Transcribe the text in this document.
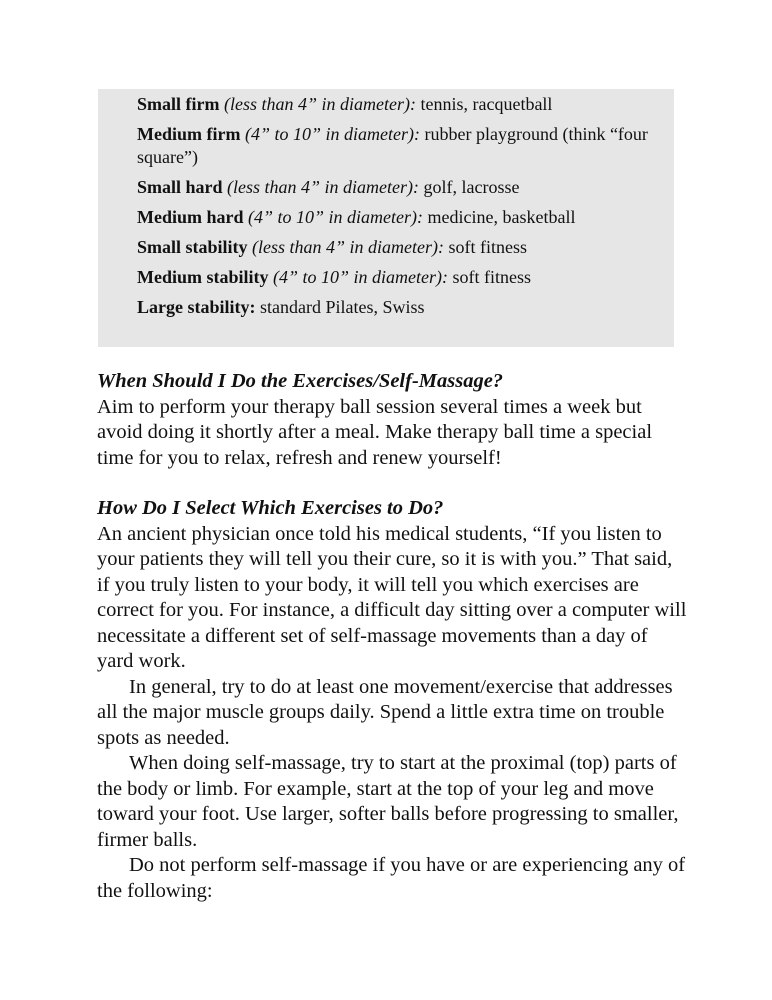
Small firm (less than 4” in diameter): tennis, racquetball
Medium firm (4” to 10” in diameter): rubber playground (think “four square”)
Small hard (less than 4” in diameter): golf, lacrosse
Medium hard (4” to 10” in diameter): medicine, basketball
Small stability (less than 4” in diameter): soft fitness
Medium stability (4” to 10” in diameter): soft fitness
Large stability: standard Pilates, Swiss
When Should I Do the Exercises/Self-Massage?

Aim to perform your therapy ball session several times a week but avoid doing it shortly after a meal. Make therapy ball time a special time for you to relax, refresh and renew yourself!

How Do I Select Which Exercises to Do?

An ancient physician once told his medical students, “If you listen to your patients they will tell you their cure, so it is with you.” That said, if you truly listen to your body, it will tell you which exercises are correct for you. For instance, a difficult day sitting over a computer will necessitate a different set of self-massage movements than a day of yard work.

In general, try to do at least one movement/exercise that addresses all the major muscle groups daily. Spend a little extra time on trouble spots as needed.

When doing self-massage, try to start at the proximal (top) parts of the body or limb. For example, start at the top of your leg and move toward your foot. Use larger, softer balls before progressing to smaller, firmer balls.

Do not perform self-massage if you have or are experiencing any of the following:
